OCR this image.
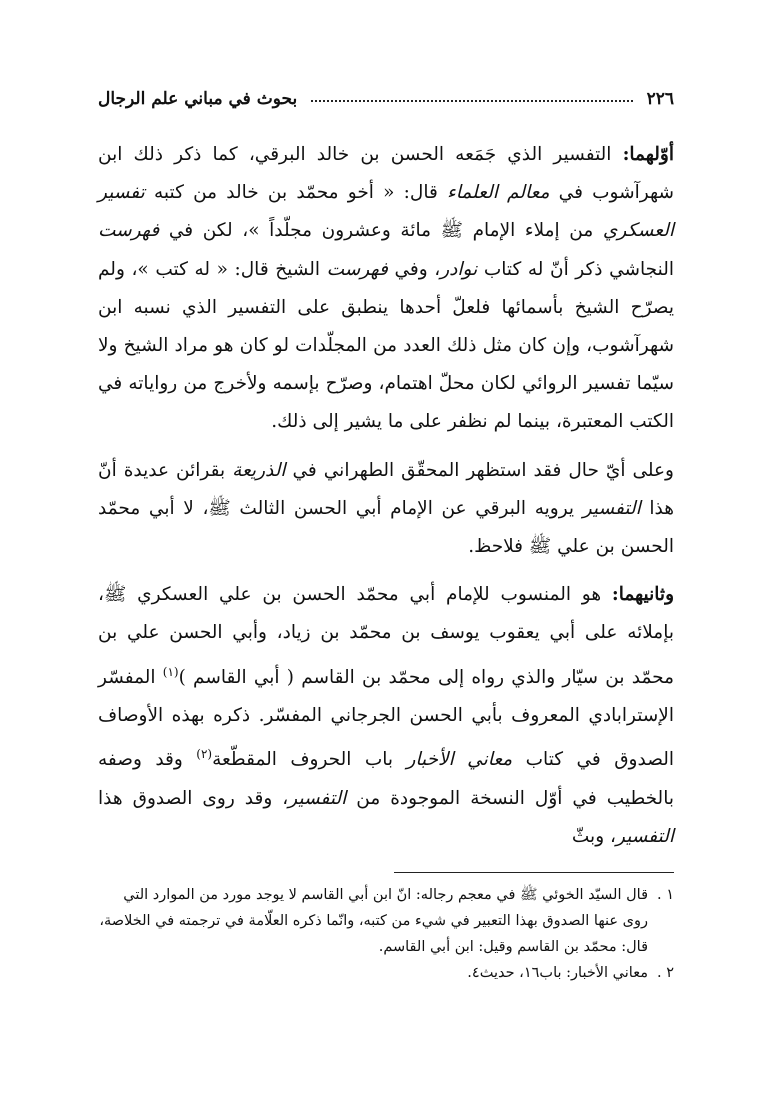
٢٢٦
بحوث في مباني علم الرجال

أوّلهما: التفسير الذي جَمَعه الحسن بن خالد البرقي، كما ذكر ذلك ابن شهرآشوب في معالم العلماء قال: « أخو محمّد بن خالد من كتبه تفسير العسكري من إملاء الإمام ﷺ مائة وعشرون مجلّداً »، لكن في فهرست النجاشي ذكر أنّ له كتاب نوادر، وفي فهرست الشيخ قال: « له كتب »، ولم يصرّح الشيخ بأسمائها فلعلّ أحدها ينطبق على التفسير الذي نسبه ابن شهرآشوب، وإن كان مثل ذلك العدد من المجلّدات لو كان هو مراد الشيخ ولا سيّما تفسير الروائي لكان محلّ اهتمام، وصرّح بإسمه ولأخرج من رواياته في الكتب المعتبرة، بينما لم نظفر على ما يشير إلى ذلك.

وعلى أيّ حال فقد استظهر المحقّق الطهراني في الذريعة بقرائن عديدة أنّ هذا التفسير يرويه البرقي عن الإمام أبي الحسن الثالث ﷺ، لا أبي محمّد الحسن بن علي ﷺ فلاحظ.

وثانيهما: هو المنسوب للإمام أبي محمّد الحسن بن علي العسكري ﷺ، بإملائه على أبي يعقوب يوسف بن محمّد بن زياد، وأبي الحسن علي بن محمّد بن سيّار والذي رواه إلى محمّد بن القاسم ( أبي القاسم )$^{(١)}$ المفسّر الإسترابادي المعروف بأبي الحسن الجرجاني المفسّر. ذكره بهذه الأوصاف الصدوق في كتاب معاني الأخبار باب الحروف المقطّعة$^{(٢)}$ وقد وصفه بالخطيب في أوّل النسخة الموجودة من التفسير، وقد روى الصدوق هذا التفسير، وبثّ

١ .
قال السيّد الخوئي ﷺ في معجم رجاله: انّ ابن أبي القاسم لا يوجد مورد من الموارد التي روى عنها الصدوق بهذا التعبير في شيء من كتبه، وانّما ذكره العلّامة في ترجمته في الخلاصة، قال: محمّد بن القاسم وقيل: ابن أبي القاسم.
٢ .
معاني الأخبار: باب١٦، حديث٤.
